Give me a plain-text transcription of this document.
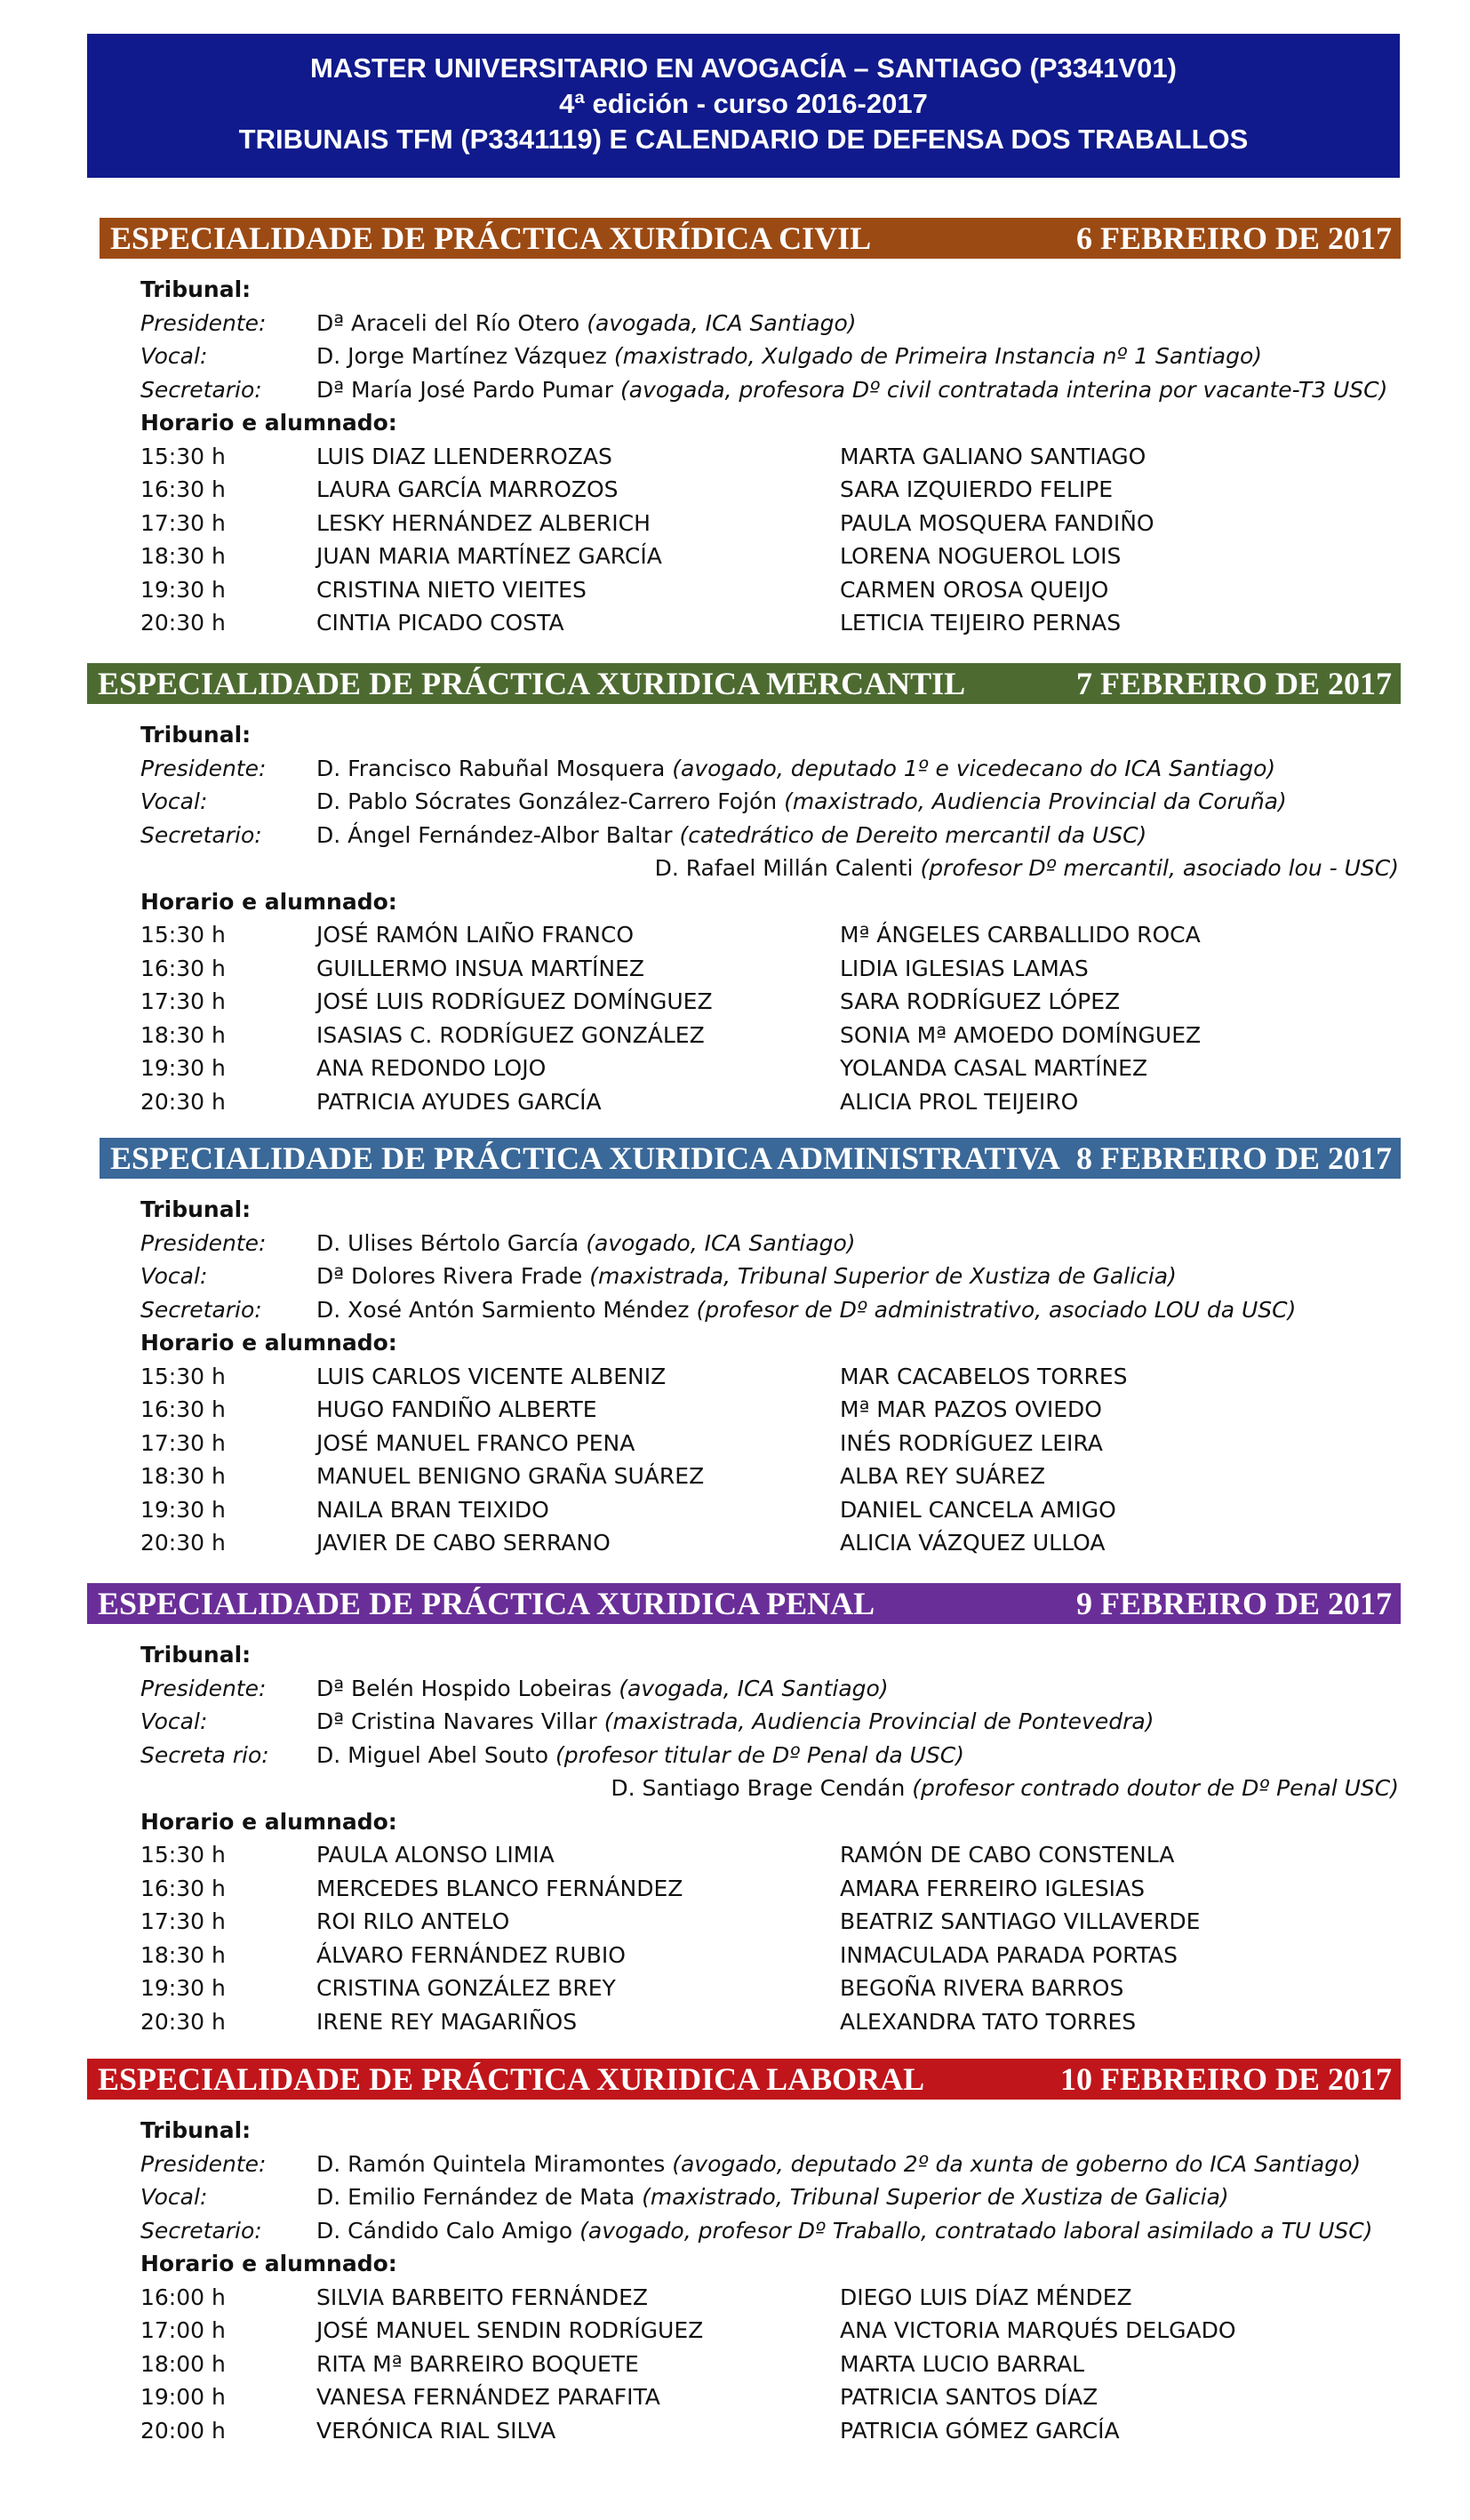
MASTER UNIVERSITARIO EN AVOGACÍA – SANTIAGO (P3341V01)
4ª edición - curso 2016-2017
TRIBUNAIS TFM (P3341119) E CALENDARIO DE DEFENSA DOS TRABALLOS
ESPECIALIDADE DE PRÁCTICA XURÍDICA CIVIL	6 FEBREIRO DE 2017
Tribunal:
Presidente: Dª Araceli del Río Otero (avogada, ICA Santiago)
Vocal:	D. Jorge Martínez Vázquez (maxistrado, Xulgado de Primeira Instancia nº 1 Santiago)
Secretario: Dª María José Pardo Pumar (avogada, profesora Dº civil contratada interina por vacante-T3 USC)
Horario e alumnado:
15:30 h	LUIS DIAZ LLENDERROZAS	MARTA GALIANO SANTIAGO
16:30 h	LAURA GARCÍA MARROZOS	SARA IZQUIERDO FELIPE
17:30 h	LESKY HERNÁNDEZ ALBERICH	PAULA MOSQUERA FANDIÑO
18:30 h	JUAN MARIA MARTÍNEZ GARCÍA	LORENA NOGUEROL LOIS
19:30 h	CRISTINA NIETO VIEITES	CARMEN OROSA QUEIJO
20:30 h	CINTIA PICADO COSTA	LETICIA TEIJEIRO PERNAS
ESPECIALIDADE DE PRÁCTICA XURIDICA MERCANTIL	7 FEBREIRO DE 2017
Tribunal:
Presidente: D. Francisco Rabuñal Mosquera (avogado, deputado 1º e vicedecano do ICA Santiago)
Vocal:	D. Pablo Sócrates González-Carrero Fojón (maxistrado, Audiencia Provincial da Coruña)
Secretario: D. Ángel Fernández-Albor Baltar (catedrático de Dereito mercantil da USC)
D. Rafael Millán Calenti (profesor Dº mercantil, asociado lou - USC)
Horario e alumnado:
15:30 h	JOSÉ RAMÓN LAIÑO FRANCO	Mª ÁNGELES CARBALLIDO ROCA
16:30 h	GUILLERMO INSUA MARTÍNEZ	LIDIA IGLESIAS LAMAS
17:30 h	JOSÉ LUIS RODRÍGUEZ DOMÍNGUEZ	SARA RODRÍGUEZ LÓPEZ
18:30 h	ISASIAS C. RODRÍGUEZ GONZÁLEZ	SONIA Mª AMOEDO DOMÍNGUEZ
19:30 h	ANA REDONDO LOJO	YOLANDA CASAL MARTÍNEZ
20:30 h	PATRICIA AYUDES GARCÍA	ALICIA PROL TEIJEIRO
ESPECIALIDADE DE PRÁCTICA XURIDICA ADMINISTRATIVA 8 FEBREIRO DE 2017
Tribunal:
Presidente: D. Ulises Bértolo García (avogado, ICA Santiago)
Vocal:	Dª Dolores Rivera Frade (maxistrada, Tribunal Superior de Xustiza de Galicia)
Secretario: D. Xosé Antón Sarmiento Méndez (profesor de Dº administrativo, asociado LOU da USC)
Horario e alumnado:
15:30 h	LUIS CARLOS VICENTE ALBENIZ	MAR CACABELOS TORRES
16:30 h	HUGO FANDIÑO ALBERTE	Mª MAR PAZOS OVIEDO
17:30 h	JOSÉ MANUEL FRANCO PENA	INÉS RODRÍGUEZ LEIRA
18:30 h	MANUEL BENIGNO GRAÑA SUÁREZ	ALBA REY SUÁREZ
19:30 h	NAILA BRAN TEIXIDO	DANIEL CANCELA AMIGO
20:30 h	JAVIER DE CABO SERRANO	ALICIA VÁZQUEZ ULLOA
ESPECIALIDADE DE PRÁCTICA XURIDICA PENAL	9 FEBREIRO DE 2017
Tribunal:
Presidente: Dª Belén Hospido Lobeiras (avogada, ICA Santiago)
Vocal:	Dª Cristina Navares Villar (maxistrada, Audiencia Provincial de Pontevedra)
Secreta rio: D. Miguel Abel Souto (profesor titular de Dº Penal da USC)
D. Santiago Brage Cendán (profesor contrado doutor de Dº Penal USC)
Horario e alumnado:
15:30 h	PAULA ALONSO LIMIA	RAMÓN DE CABO CONSTENLA
16:30 h	MERCEDES BLANCO FERNÁNDEZ	AMARA FERREIRO IGLESIAS
17:30 h	ROI RILO ANTELO	BEATRIZ SANTIAGO VILLAVERDE
18:30 h	ÁLVARO FERNÁNDEZ RUBIO	INMACULADA PARADA PORTAS
19:30 h	CRISTINA GONZÁLEZ BREY	BEGOÑA RIVERA BARROS
20:30 h	IRENE REY MAGARIÑOS	ALEXANDRA TATO TORRES
ESPECIALIDADE DE PRÁCTICA XURIDICA LABORAL	10 FEBREIRO DE 2017
Tribunal:
Presidente: D. Ramón Quintela Miramontes (avogado, deputado 2º da xunta de goberno do ICA Santiago)
Vocal:	D. Emilio Fernández de Mata (maxistrado, Tribunal Superior de Xustiza de Galicia)
Secretario: D. Cándido Calo Amigo (avogado, profesor Dº Traballo, contratado laboral asimilado a TU USC)
Horario e alumnado:
16:00 h	SILVIA BARBEITO FERNÁNDEZ	DIEGO LUIS DÍAZ MÉNDEZ
17:00 h	JOSÉ MANUEL SENDIN RODRÍGUEZ	ANA VICTORIA MARQUÉS DELGADO
18:00 h	RITA Mª BARREIRO BOQUETE	MARTA LUCIO BARRAL
19:00 h	VANESA FERNÁNDEZ PARAFITA	PATRICIA SANTOS DÍAZ
20:00 h	VERÓNICA RIAL SILVA	PATRICIA GÓMEZ GARCÍA
